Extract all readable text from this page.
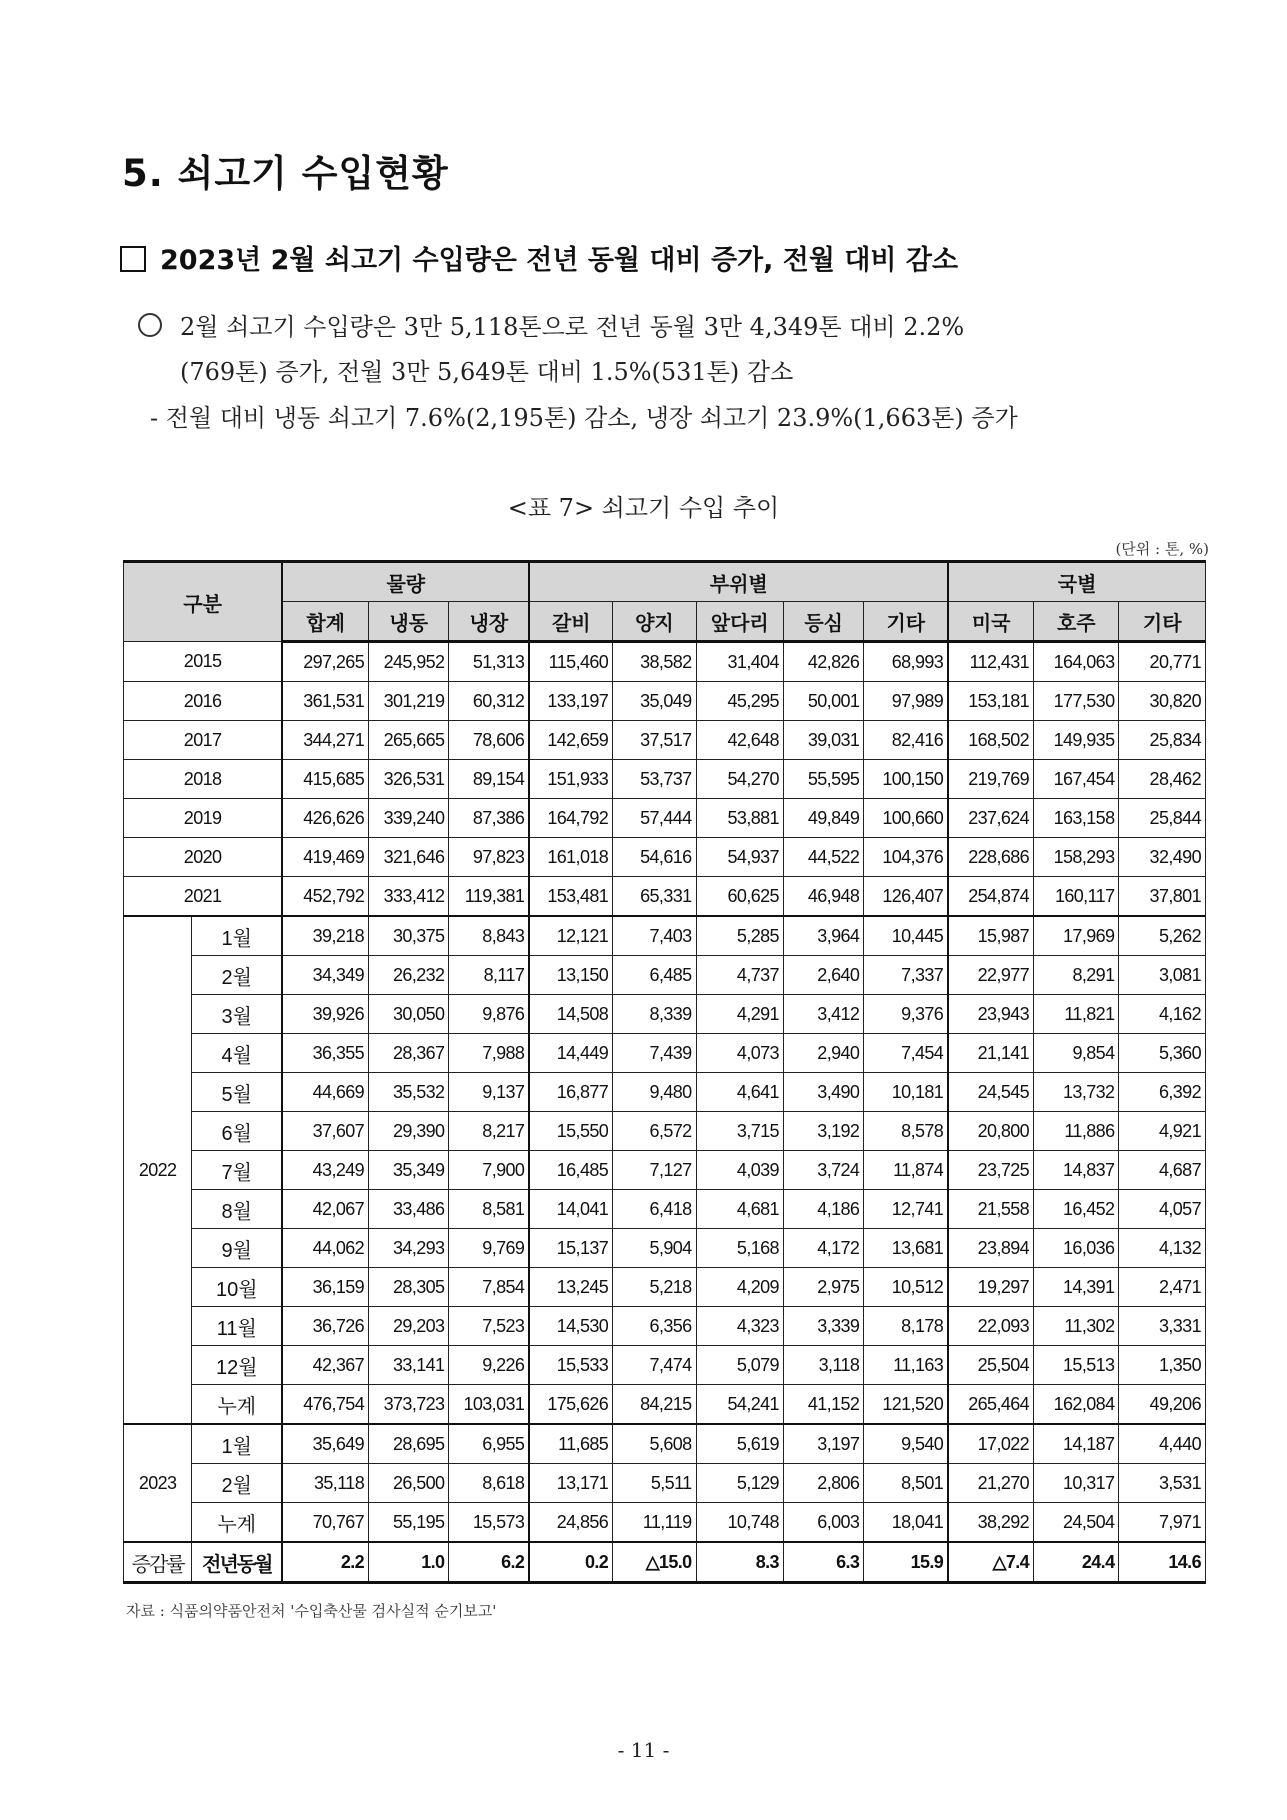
5. 쇠고기 수입현황
2023년 2월 쇠고기 수입량은 전년 동월 대비 증가, 전월 대비 감소
2월 쇠고기 수입량은 3만 5,118톤으로 전년 동월 3만 4,349톤 대비 2.2%
(769톤) 증가, 전월 3만 5,649톤 대비 1.5%(531톤) 감소
- 전월 대비 냉동 쇠고기 7.6%(2,195톤) 감소, 냉장 쇠고기 23.9%(1,663톤) 증가
<표 7> 쇠고기 수입 추이
(단위 : 톤, %)
구분		물량			부위별					국별		
		합계	냉동	냉장	갈비	양지	앞다리	등심	기타	미국	호주	기타
2015		297,265	245,952	51,313	115,460	38,582	31,404	42,826	68,993	112,431	164,063	20,771
2016		361,531	301,219	60,312	133,197	35,049	45,295	50,001	97,989	153,181	177,530	30,820
2017		344,271	265,665	78,606	142,659	37,517	42,648	39,031	82,416	168,502	149,935	25,834
2018		415,685	326,531	89,154	151,933	53,737	54,270	55,595	100,150	219,769	167,454	28,462
2019		426,626	339,240	87,386	164,792	57,444	53,881	49,849	100,660	237,624	163,158	25,844
2020		419,469	321,646	97,823	161,018	54,616	54,937	44,522	104,376	228,686	158,293	32,490
2021		452,792	333,412	119,381	153,481	65,331	60,625	46,948	126,407	254,874	160,117	37,801
2022	1월	39,218	30,375	8,843	12,121	7,403	5,285	3,964	10,445	15,987	17,969	5,262
	2월	34,349	26,232	8,117	13,150	6,485	4,737	2,640	7,337	22,977	8,291	3,081
	3월	39,926	30,050	9,876	14,508	8,339	4,291	3,412	9,376	23,943	11,821	4,162
	4월	36,355	28,367	7,988	14,449	7,439	4,073	2,940	7,454	21,141	9,854	5,360
	5월	44,669	35,532	9,137	16,877	9,480	4,641	3,490	10,181	24,545	13,732	6,392
	6월	37,607	29,390	8,217	15,550	6,572	3,715	3,192	8,578	20,800	11,886	4,921
	7월	43,249	35,349	7,900	16,485	7,127	4,039	3,724	11,874	23,725	14,837	4,687
	8월	42,067	33,486	8,581	14,041	6,418	4,681	4,186	12,741	21,558	16,452	4,057
	9월	44,062	34,293	9,769	15,137	5,904	5,168	4,172	13,681	23,894	16,036	4,132
	10월	36,159	28,305	7,854	13,245	5,218	4,209	2,975	10,512	19,297	14,391	2,471
	11월	36,726	29,203	7,523	14,530	6,356	4,323	3,339	8,178	22,093	11,302	3,331
	12월	42,367	33,141	9,226	15,533	7,474	5,079	3,118	11,163	25,504	15,513	1,350
	누계	476,754	373,723	103,031	175,626	84,215	54,241	41,152	121,520	265,464	162,084	49,206
2023	1월	35,649	28,695	6,955	11,685	5,608	5,619	3,197	9,540	17,022	14,187	4,440
	2월	35,118	26,500	8,618	13,171	5,511	5,129	2,806	8,501	21,270	10,317	3,531
	누계	70,767	55,195	15,573	24,856	11,119	10,748	6,003	18,041	38,292	24,504	7,971
증감률	전년동월	2.2	1.0	6.2	0.2	△15.0	8.3	6.3	15.9	△7.4	24.4	14.6
자료 : 식품의약품안전처 '수입축산물 검사실적 순기보고'
- 11 -
